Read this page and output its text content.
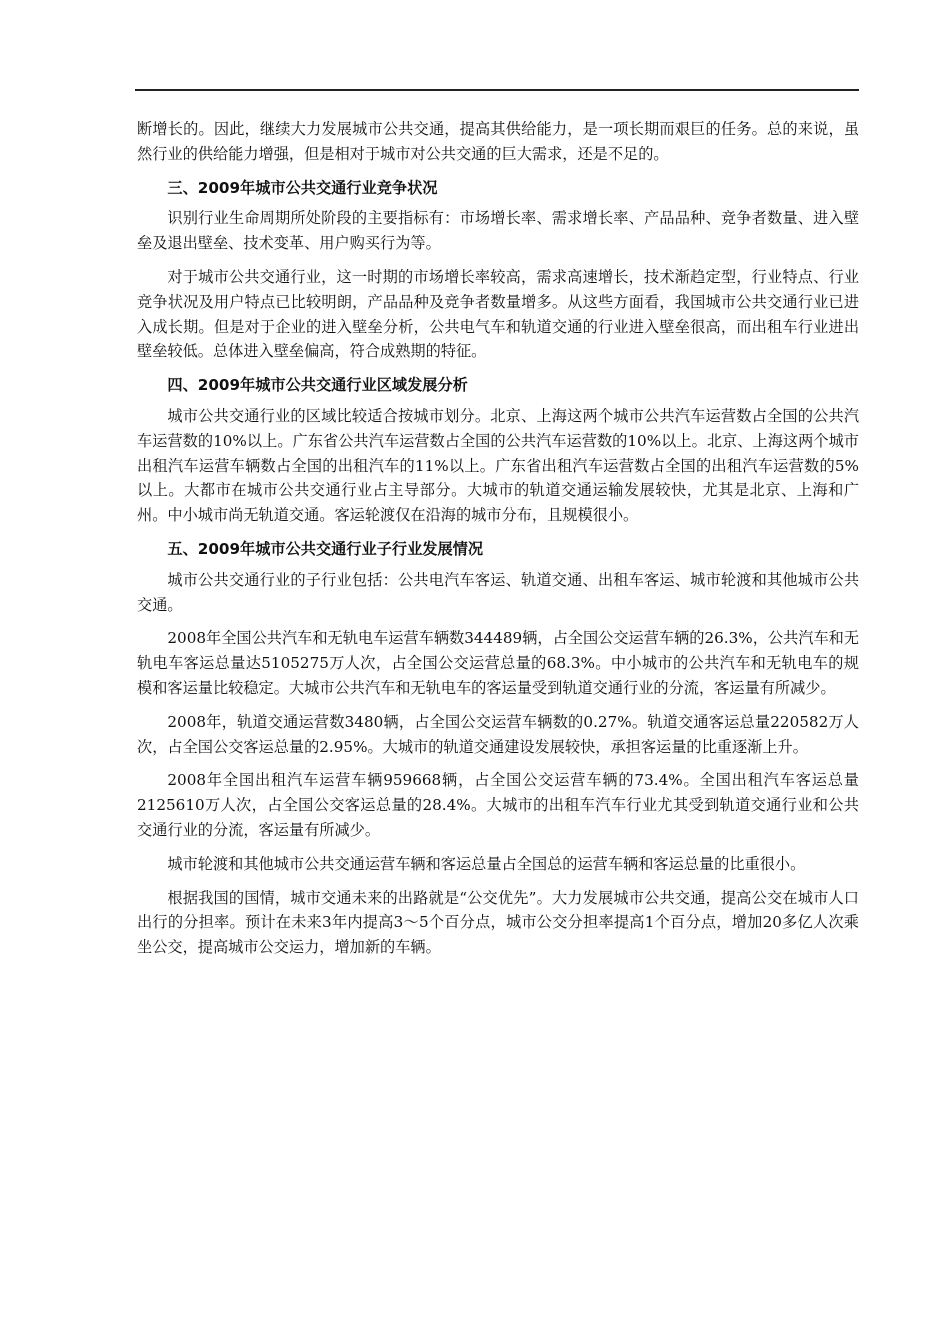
断增长的。因此，继续大力发展城市公共交通，提高其供给能力，是一项长期而艰巨的任务。总的来说，虽然行业的供给能力增强，但是相对于城市对公共交通的巨大需求，还是不足的。

三、2009年城市公共交通行业竞争状况

识别行业生命周期所处阶段的主要指标有：市场增长率、需求增长率、产品品种、竞争者数量、进入壁垒及退出壁垒、技术变革、用户购买行为等。

对于城市公共交通行业，这一时期的市场增长率较高，需求高速增长，技术渐趋定型，行业特点、行业竞争状况及用户特点已比较明朗，产品品种及竞争者数量增多。从这些方面看，我国城市公共交通行业已进入成长期。但是对于企业的进入壁垒分析，公共电气车和轨道交通的行业进入壁垒很高，而出租车行业进出壁垒较低。总体进入壁垒偏高，符合成熟期的特征。

四、2009年城市公共交通行业区域发展分析

城市公共交通行业的区域比较适合按城市划分。北京、上海这两个城市公共汽车运营数占全国的公共汽车运营数的10%以上。广东省公共汽车运营数占全国的公共汽车运营数的10%以上。北京、上海这两个城市出租汽车运营车辆数占全国的出租汽车的11%以上。广东省出租汽车运营数占全国的出租汽车运营数的5%以上。大都市在城市公共交通行业占主导部分。大城市的轨道交通运输发展较快，尤其是北京、上海和广州。中小城市尚无轨道交通。客运轮渡仅在沿海的城市分布，且规模很小。

五、2009年城市公共交通行业子行业发展情况

城市公共交通行业的子行业包括：公共电汽车客运、轨道交通、出租车客运、城市轮渡和其他城市公共交通。

2008年全国公共汽车和无轨电车运营车辆数344489辆，占全国公交运营车辆的26.3%，公共汽车和无轨电车客运总量达5105275万人次，占全国公交运营总量的68.3%。中小城市的公共汽车和无轨电车的规模和客运量比较稳定。大城市公共汽车和无轨电车的客运量受到轨道交通行业的分流，客运量有所减少。

2008年，轨道交通运营数3480辆，占全国公交运营车辆数的0.27%。轨道交通客运总量220582万人次，占全国公交客运总量的2.95%。大城市的轨道交通建设发展较快，承担客运量的比重逐渐上升。

2008年全国出租汽车运营车辆959668辆，占全国公交运营车辆的73.4%。全国出租汽车客运总量2125610万人次，占全国公交客运总量的28.4%。大城市的出租车汽车行业尤其受到轨道交通行业和公共交通行业的分流，客运量有所减少。

城市轮渡和其他城市公共交通运营车辆和客运总量占全国总的运营车辆和客运总量的比重很小。

根据我国的国情，城市交通未来的出路就是“公交优先”。大力发展城市公共交通，提高公交在城市人口出行的分担率。预计在未来3年内提高3～5个百分点，城市公交分担率提高1个百分点，增加20多亿人次乘坐公交，提高城市公交运力，增加新的车辆。
